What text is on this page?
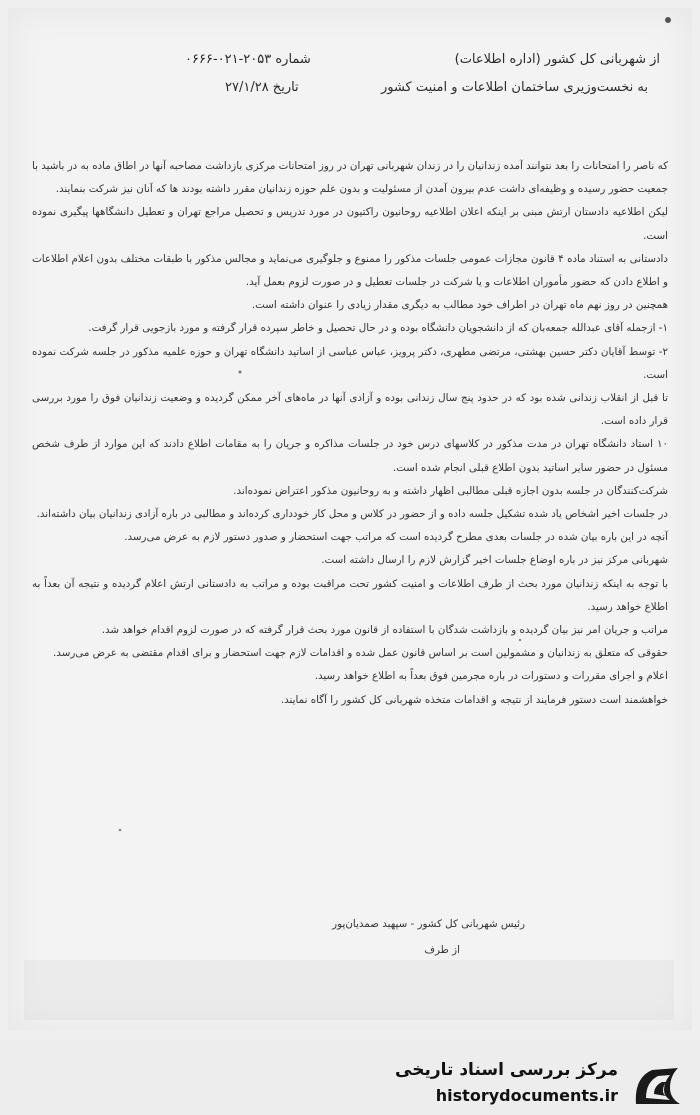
از شهربانی کل کشور (اداره اطلاعات)
شماره ۲۰۵۳-۰۲۱-۰۶۶۶
به نخست‌وزیری ساختمان اطلاعات و امنیت کشور
تاریخ ۲۷/۱/۲۸

که ناصر را امتحانات‌ را بعد نتوانند آمده زندانیان را در زندان شهربانی تهران در روز امتحانات مرکزی بازداشت مصاحبه آنها در اطاق ماده به در باشید با جمعیت حضور رسیده و وظیفه‌ای داشت عدم بیرون آمدن از مسئولیت و بدون علم حوزه زندانیان مقرر داشته بودند ها که آنان نیز شرکت بنمایند.

لیکن اطلاعیه دادستان ارتش مبنی بر اینکه اعلان اطلاعیه روحانیون راکتیون در مورد تدریس و تحصیل مراجع تهران و تعطیل دانشگاهها پیگیری نموده است.

دادستانی به استناد ماده ۴ قانون مجازات عمومی جلسات مذکور را ممنوع و جلوگیری می‌نماید و مجالس مذکور با طبقات مختلف بدون اعلام اطلاعات و اطلاع دادن که حضور مأموران اطلاعات و یا شرکت در جلسات تعطیل و در صورت لزوم بعمل آید.

همچنین در روز نهم ماه تهران در اطراف خود مطالب به دیگری مقدار زیادی را عنوان داشته است.

۱- ازجمله آقای عبدالله جمعه‌بان که از دانشجویان دانشگاه بوده و در حال تحصیل و خاطر سپرده قرار گرفته و مورد بازجویی قرار گرفت.

۲- توسط آقایان دکتر حسین بهشتی، مرتضی مطهری، دکتر پرویز، عباس عباسی از اساتید دانشگاه تهران و حوزه علمیه مذکور در جلسه شرکت نموده است.

تا قبل از انقلاب زندانی شده بود که در حدود پنج سال زندانی بوده و آزادی آنها در ماه‌های آخر ممکن گردیده و وضعیت زندانیان فوق را مورد بررسی قرار داده است.

۱۰ استاد دانشگاه تهران در مدت مذکور در کلاسهای درس خود در جلسات مذاکره و جریان را به مقامات اطلاع دادند که این موارد از طرف شخص مسئول در حضور سایر اساتید بدون اطلاع قبلی انجام شده است.

شرکت‌کنندگان در جلسه بدون اجازه قبلی مطالبی اظهار داشته و به روحانیون مذکور اعتراض نموده‌اند.

در جلسات اخیر اشخاص یاد شده تشکیل جلسه داده و از حضور در کلاس و محل کار خودداری کرده‌اند و مطالبی در باره آزادی زندانیان بیان داشته‌اند.

آنچه در این باره بیان شده در جلسات بعدی مطرح گردیده است که مراتب جهت استحضار و صدور دستور لازم به عرض می‌رسد.

شهربانی مرکز نیز در باره اوضاع جلسات اخیر گزارش لازم را ارسال داشته است.

با توجه به اینکه زندانیان مورد بحث از طرف اطلاعات و امنیت کشور تحت مراقبت بوده و مراتب به دادستانی ارتش اعلام گردیده و نتیجه آن بعداً به اطلاع خواهد رسید.

مراتب و جریان امر نیز بیان گردیده و بازداشت شدگان با استفاده از قانون مورد بحث قرار گرفته که در صورت لزوم اقدام خواهد شد.

حقوقی که متعلق به زندانیان و مشمولین است بر اساس قانون عمل شده و اقدامات لازم جهت استحضار و برای اقدام مقتضی به عرض می‌رسد.

اعلام و اجرای مقررات و دستورات در باره مجرمین فوق بعداً به اطلاع خواهد رسید.

خواهشمند است دستور فرمایند از نتیجه و اقدامات متخذه شهربانی کل کشور را آگاه نمایند.

رئیس شهربانی کل کشور - سپهبد صمدیان‌پور
از طرف
مرکز بررسی اسناد تاریخی
historydocuments.ir
